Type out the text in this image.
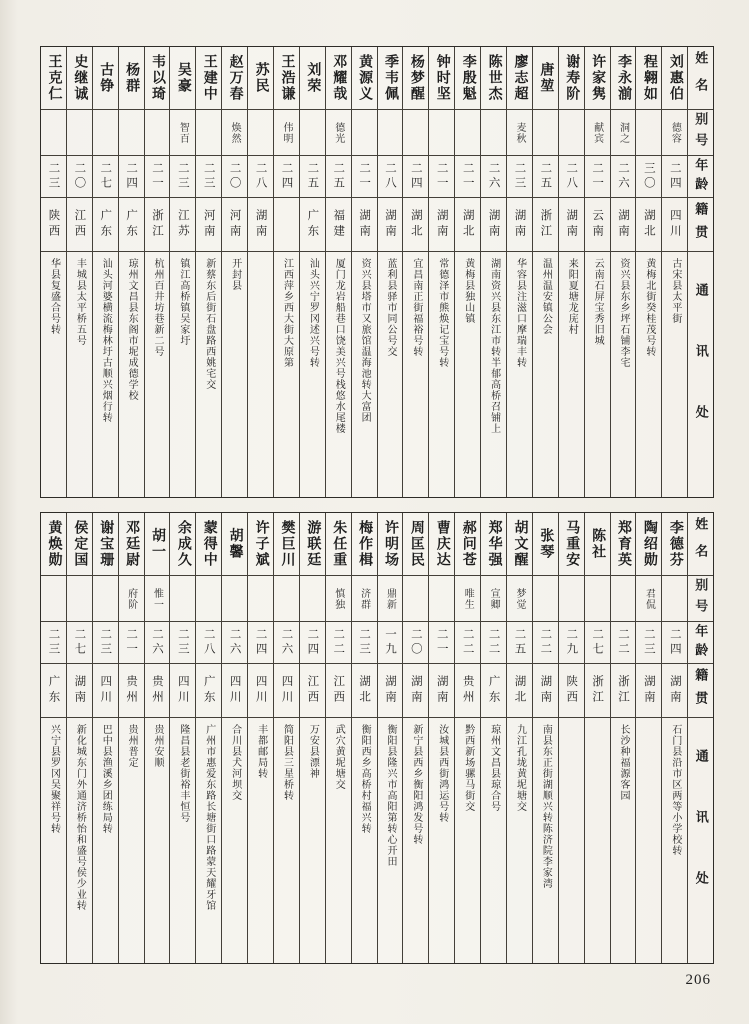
王克仁
二三
陕西
华县复盛合号转
史继诚
二〇
江西
丰城县太平桥五号
古铮
二七
广东
汕头河婆横流梅林圩古顺兴烟行转
杨群
二四
广东
琼州文昌县东阁市坭成德学校
韦以琦
二一
浙江
杭州百井坊巷新二号
吴豪
智百
二三
江苏
镇江高桥镇吴家圩
王建中
二三
河南
新蔡东后街石盘路西姚宅交
赵万春
焕然
二〇
河南
开封县
苏民
二八
湖南
王浩谦
伟明
二四
江西萍乡西大街大原第
刘荣
二五
广东
汕头兴宁罗冈述兴号转
邓耀哉
德光
二五
福建
厦门龙岩船巷口饶美兴号栈悠水尾楼
黄源义
二一
湖南
资兴县塔市又旅馆温海池转大富团
季韦佩
二八
湖南
蓝利县驿市同公号交
杨梦醒
二四
湖北
宜昌南正街福裕号转
钟时坚
二一
湖南
常德泽市熊焕记宝号转
李殷魁
二一
湖北
黄梅县独山镇
陈世杰
二六
湖南
湖南资兴县东江市转半郁高桥召铺上
廖志超
麦秋
二三
湖南
华容县注滋口摩瑞丰转
唐堃
二五
浙江
温州温安镇公会
谢寿阶
二八
湖南
来阳夏塘龙庑村
许家隽
献宾
二一
云南
云南石屏宝秀旧城
李永湔
洞之
二六
湖南
资兴县东乡坪石铺李宅
程翱如
三〇
湖北
黄梅北街癸桂茂号转
刘惠伯
德容
二四
四川
古宋县太平街
姓名
别号
年龄
籍贯
通讯处
黄焕勋
二三
广东
兴宁县罗冈吴聚祥号转
侯定国
二七
湖南
新化城东门外通济桥怡和盛号侯少业转
谢宝珊
二三
四川
巴中县渔溪乡团练局转
邓廷尉
府阶
二一
贵州
贵州普定
胡一
惟一
二六
贵州
贵州安顺
余成久
二三
四川
隆昌县老街裕丰恒号
蒙得中
二八
广东
广州市惠爱东路长塘街口路蒙天耀牙馆
胡馨
二六
四川
合川县犬河坝交
许子斌
二四
四川
丰都邮局转
樊巨川
二六
四川
简阳县三星桥转
游联廷
二四
江西
万安县漂神
朱任重
慎独
二二
江西
武穴黄坭塘交
梅作楫
济群
二三
湖北
衡阳西乡高桥村福兴转
许明场
鼎新
一九
湖南
衡阳县隆兴市高阳第转心开田
周匡民
二〇
湖南
新宁县西乡衡阳鸿发号转
曹庆达
二一
湖南
汝城县西街鸿运号转
郝问苍
唯生
二二
贵州
黔西新场骡马街交
郑华强
宣卿
二二
广东
琼州文昌县琼合号
胡文醒
梦觉
二五
湖北
九江孔垅黄坭塘交
张琴
二二
湖南
南县东正街湖顺兴转陈济院李家湾
马重安
二九
陕西
陈社
二七
浙江
郑育英
二二
浙江
长沙种福源客园
陶绍勋
君侃
二三
湖南
李德芬
二四
湖南
石门县沿市区两等小学校转
姓名
别号
年龄
籍贯
通讯处
206
